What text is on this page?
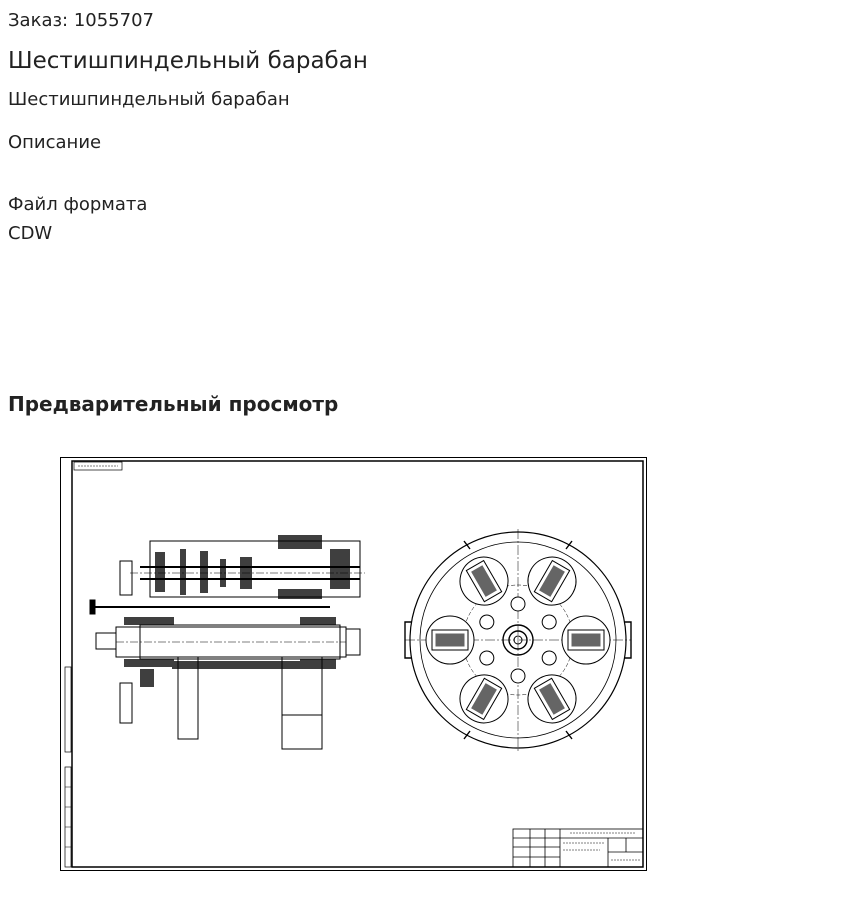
Заказ: 1055707

Шестишпиндельный барабан

Шестишпиндельный барабан

Описание

Файл формата

CDW

Предварительный просмотр
